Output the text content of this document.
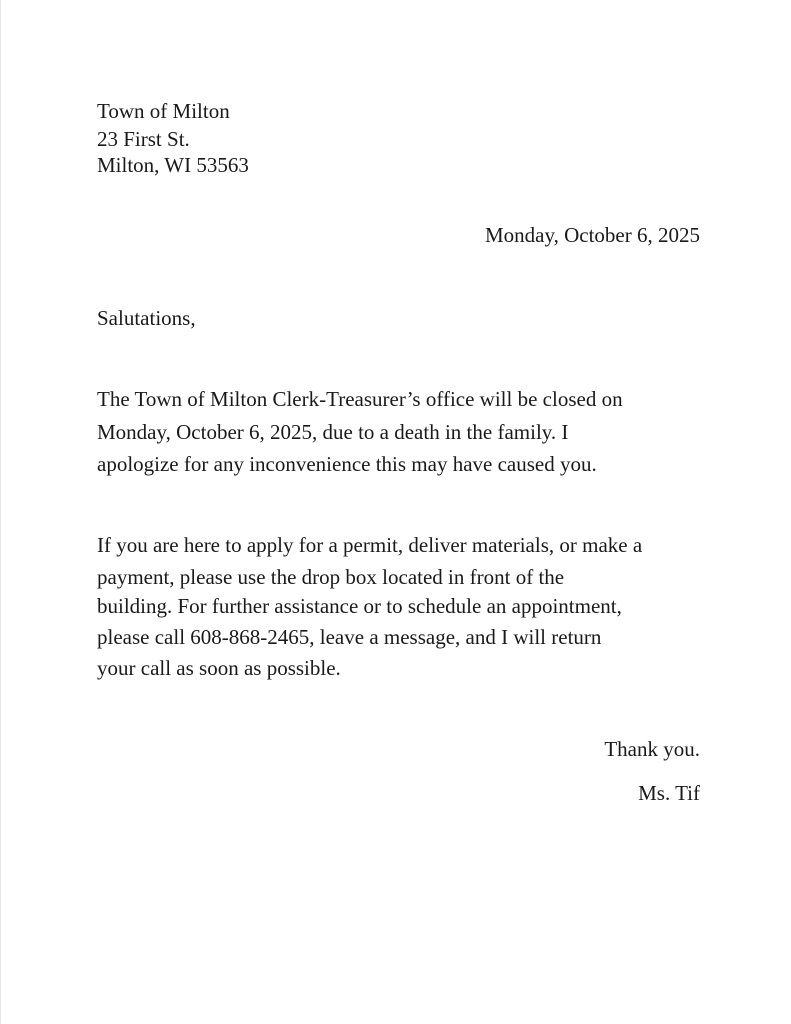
Town of Milton
23 First St.
Milton, WI 53563
Monday, October 6, 2025
Salutations,
The Town of Milton Clerk-Treasurer’s office will be closed on
Monday, October 6, 2025, due to a death in the family. I
apologize for any inconvenience this may have caused you.
If you are here to apply for a permit, deliver materials, or make a
payment, please use the drop box located in front of the
building. For further assistance or to schedule an appointment,
please call 608-868-2465, leave a message, and I will return
your call as soon as possible.
Thank you.
Ms. Tif
